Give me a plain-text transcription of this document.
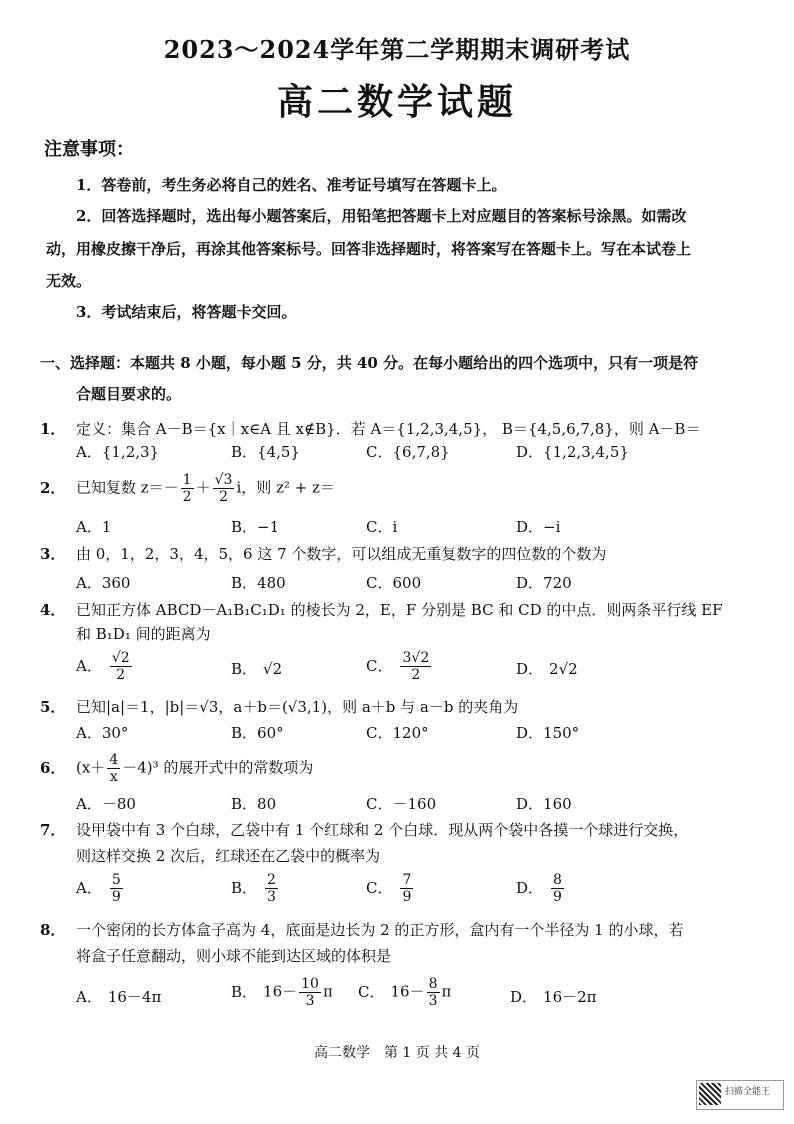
2023～2024学年第二学期期末调研考试
高二数学试题
注意事项：
1．答卷前，考生务必将自己的姓名、准考证号填写在答题卡上。
2．回答选择题时，选出每小题答案后，用铅笔把答题卡上对应题目的答案标号涂黑。如需改
动，用橡皮擦干净后，再涂其他答案标号。回答非选择题时，将答案写在答题卡上。写在本试卷上
无效。
3．考试结束后，将答题卡交回。
一、选择题：本题共 8 小题，每小题 5 分，共 40 分。在每小题给出的四个选项中，只有一项是符
合题目要求的。
1． 定义：集合 A－B＝{x｜x∈A 且 x∉B}．若 A＝{1,2,3,4,5}， B＝{4,5,6,7,8}，则 A－B＝
A．{1,2,3}	B．{4,5}	C．{6,7,8}	D．{1,2,3,4,5}
2． 已知复数 $z=- \frac{1}{2} + \frac{√3}{2}$ i，则 z² + z＝
A．1	B．−1	C．i	D．−i
3． 由 0，1，2，3，4，5，6 这 7 个数字，可以组成无重复数字的四位数的个数为
A．360	B．480	C．600	D．720
4． 已知正方体 ABCD－A₁B₁C₁D₁ 的棱长为 2，E，F 分别是 BC 和 CD 的中点．则两条平行线 EF
和 B₁D₁ 间的距离为
A． $\frac{√2}{2}$	B． √2	C． $\frac{3√2}{2}$	D． 2√2
5． 已知|a|＝1，|b|＝√3，a＋b＝(√3,1)，则 a＋b 与 a－b 的夹角为
A．30°	B．60°	C．120°	D．150°
6． $(x+ \frac{4}{x} -4)^3$ 的展开式中的常数项为
A．－80	B．80	C．－160	D．160
7． 设甲袋中有 3 个白球，乙袋中有 1 个红球和 2 个白球．现从两个袋中各摸一个球进行交换，
则这样交换 2 次后，红球还在乙袋中的概率为
A． $\frac{5}{9}$	B． $\frac{2}{3}$	C． $\frac{7}{9}$	D． $\frac{8}{9}$
8． 一个密闭的长方体盒子高为 4，底面是边长为 2 的正方形，盒内有一个半径为 1 的小球，若
将盒子任意翻动，则小球不能到达区域的体积是
A． 16－4π	B． $16- \frac{10}{3}$ π C． $16- \frac{8}{3}$ π	D． 16－2π
高二数学　第 1 页 共 4 页
扫描全能王
